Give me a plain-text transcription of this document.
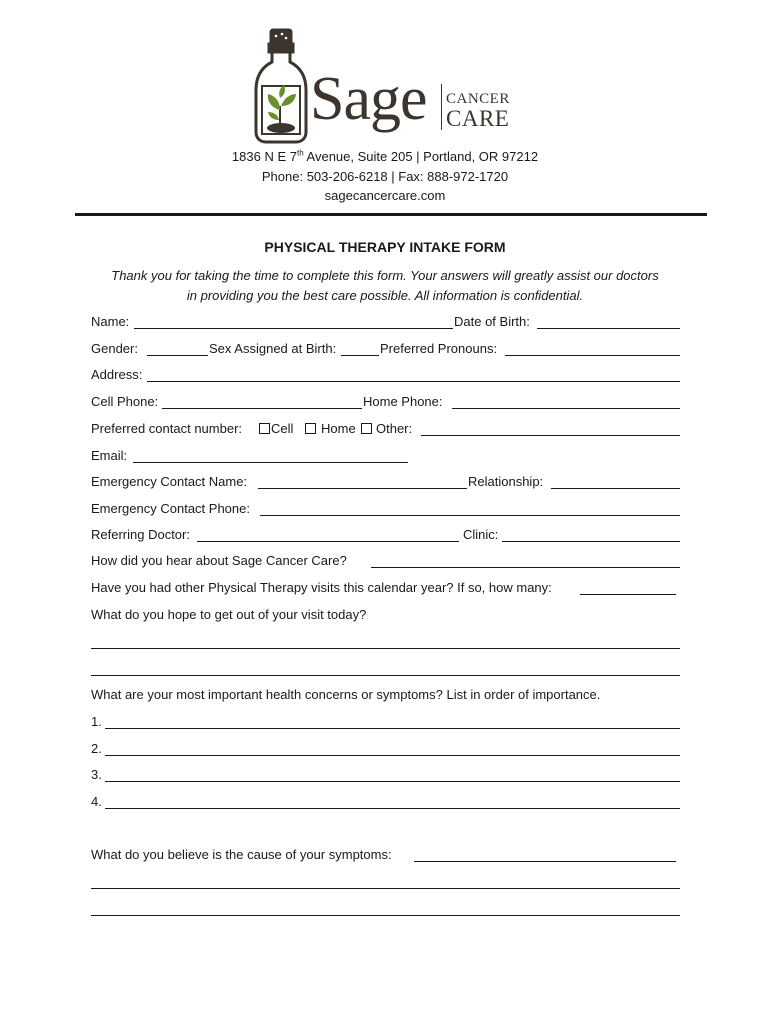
Sage CANCER
CARE
1836 N E 7th Avenue, Suite 205 | Portland, OR 97212
Phone: 503-206-6218 | Fax: 888-972-1720
sagecancercare.com
PHYSICAL THERAPY INTAKE FORM
Thank you for taking the time to complete this form. Your answers will greatly assist our doctors
in providing you the best care possible. All information is confidential.
Name:	Date of Birth:
Gender:	Sex Assigned at Birth:	Preferred Pronouns:
Address:
Cell Phone:	Home Phone:
Preferred contact number: Cell Home Other:
Email:
Emergency Contact Name:	Relationship:
Emergency Contact Phone:
Referring Doctor:	Clinic:
How did you hear about Sage Cancer Care?
Have you had other Physical Therapy visits this calendar year? If so, how many:
What do you hope to get out of your visit today?
What are your most important health concerns or symptoms? List in order of importance.
1.
2.
3.
4.
What do you believe is the cause of your symptoms:
